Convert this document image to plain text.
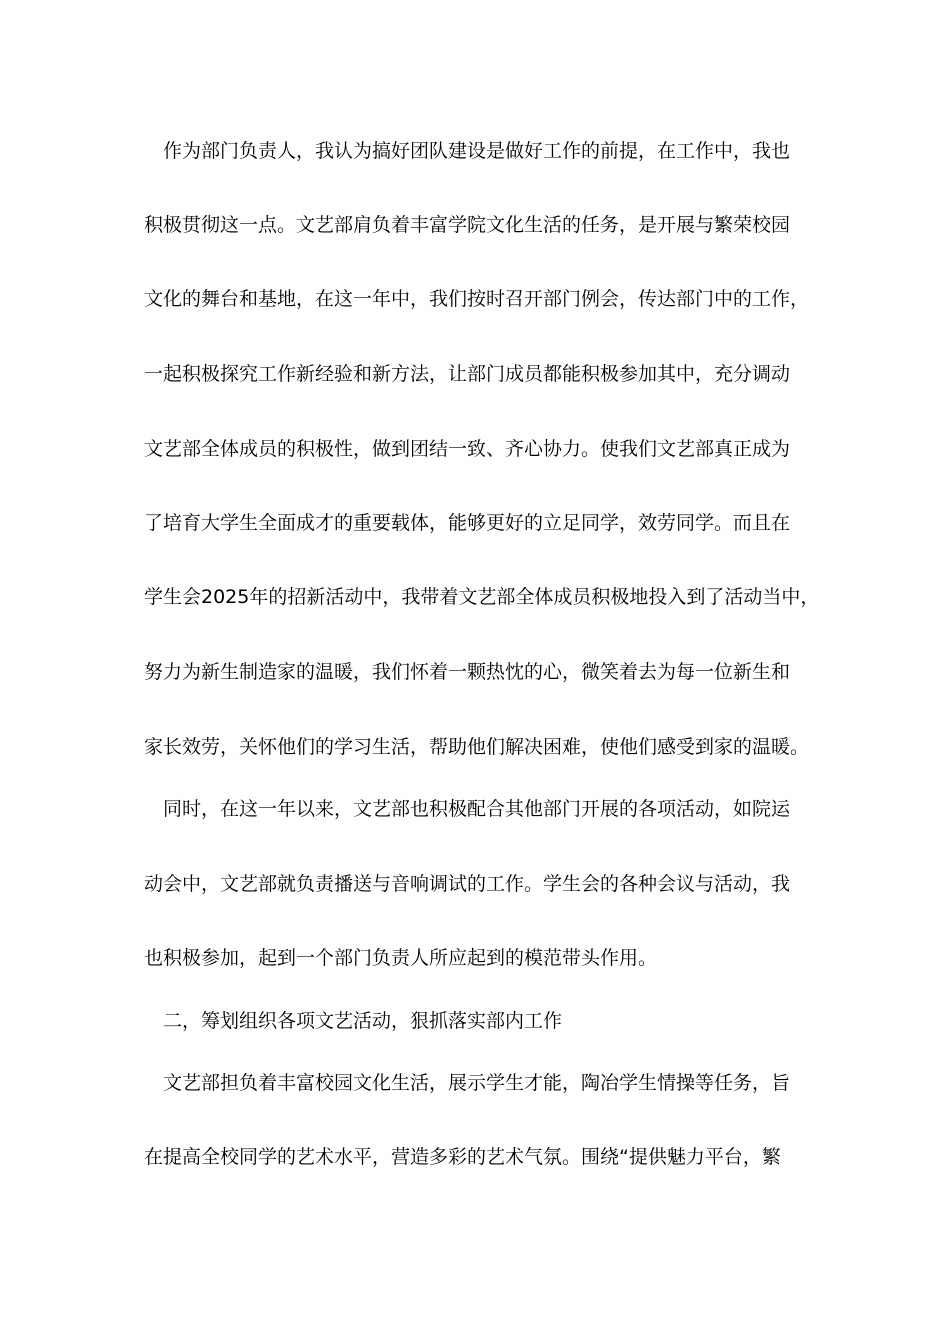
作为部门负责人，我认为搞好团队建设是做好工作的前提，在工作中，我也
积极贯彻这一点。文艺部肩负着丰富学院文化生活的任务，是开展与繁荣校园
文化的舞台和基地，在这一年中，我们按时召开部门例会，传达部门中的工作，
一起积极探究工作新经验和新方法，让部门成员都能积极参加其中，充分调动
文艺部全体成员的积极性，做到团结一致、齐心协力。使我们文艺部真正成为
了培育大学生全面成才的重要载体，能够更好的立足同学，效劳同学。而且在
学生会2025年的招新活动中，我带着文艺部全体成员积极地投入到了活动当中，
努力为新生制造家的温暖，我们怀着一颗热忱的心，微笑着去为每一位新生和
家长效劳，关怀他们的学习生活，帮助他们解决困难，使他们感受到家的温暖。
同时，在这一年以来，文艺部也积极配合其他部门开展的各项活动，如院运
动会中，文艺部就负责播送与音响调试的工作。学生会的各种会议与活动，我
也积极参加，起到一个部门负责人所应起到的模范带头作用。
二，筹划组织各项文艺活动，狠抓落实部内工作
文艺部担负着丰富校园文化生活，展示学生才能，陶冶学生情操等任务，旨
在提高全校同学的艺术水平，营造多彩的艺术气氛。围绕“提供魅力平台，繁
